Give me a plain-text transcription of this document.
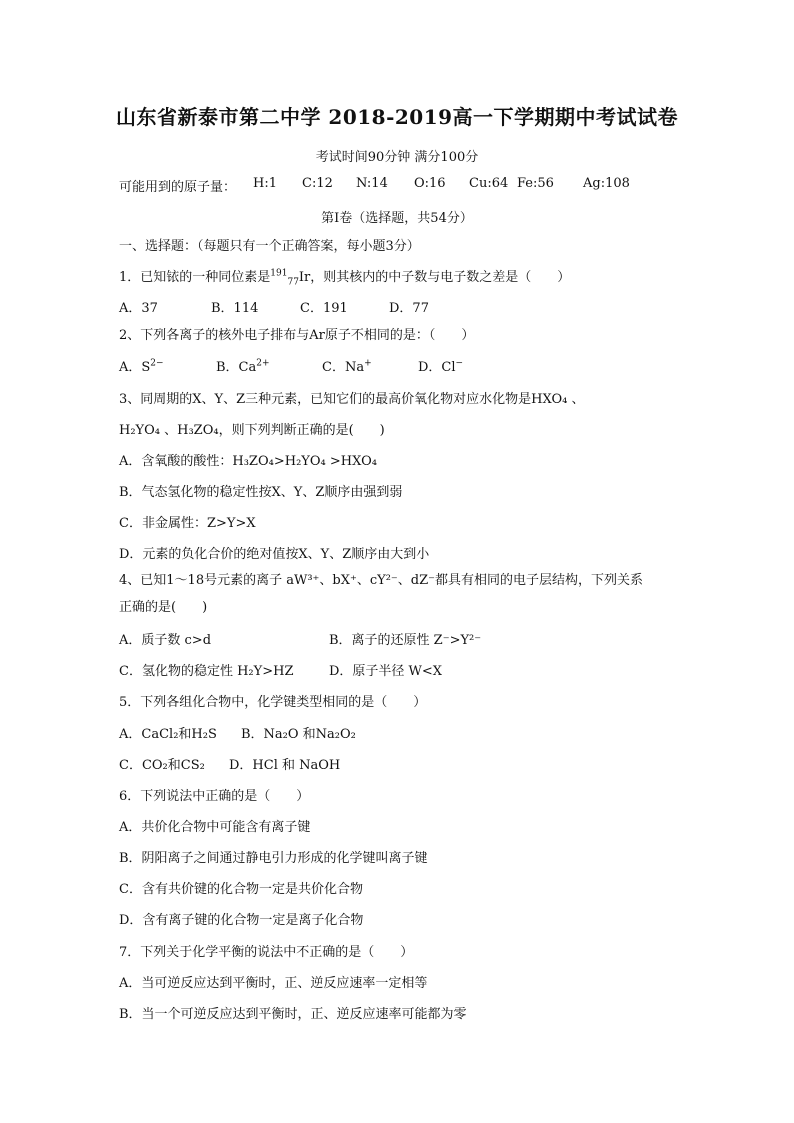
山东省新泰市第二中学 2018-2019高一下学期期中考试试卷
考试时间90分钟 满分100分
可能用到的原子量： H:1 C:12 N:14 O:16 Cu:64 Fe:56 Ag:108
第Ⅰ卷（选择题，共54分）
一、选择题：（每题只有一个正确答案，每小题3分）
1．已知铱的一种同位素是$^{191}_{77}$Ir，则其核内的中子数与电子数之差是（　　）
A．37	B．114	C．191	D．77
2、下列各离子的核外电子排布与Ar原子不相同的是：（　　）
A．$S^{2-}$	B．$Ca^{2+}$	C．Na+	D．Cl−
3、同周期的X、Y、Z三种元素，已知它们的最高价氧化物对应水化物是HXO₄ 、
H₂YO₄ 、H₃ZO₄，则下列判断正确的是(　　)
A．含氧酸的酸性：H₃ZO₄>H₂YO₄ >HXO₄
B．气态氢化物的稳定性按X、Y、Z顺序由强到弱
C．非金属性：Z>Y>X
D．元素的负化合价的绝对值按X、Y、Z顺序由大到小
4、已知1～18号元素的离子 aW³⁺、bX⁺、cY²⁻、dZ⁻都具有相同的电子层结构，下列关系
正确的是(　　)
A．质子数 c>d	B．离子的还原性 Z⁻>Y²⁻
C．氢化物的稳定性 H₂Y>HZ	D．原子半径 W<X
5．下列各组化合物中，化学键类型相同的是（　　）
A．CaCl₂和H₂S B．Na₂O 和Na₂O₂
C．CO₂和CS₂ D．HCl 和 NaOH
6．下列说法中正确的是（　　）
A．共价化合物中可能含有离子键
B．阴阳离子之间通过静电引力形成的化学键叫离子键
C．含有共价键的化合物一定是共价化合物
D．含有离子键的化合物一定是离子化合物
7．下列关于化学平衡的说法中不正确的是（　　）
A．当可逆反应达到平衡时，正、逆反应速率一定相等
B．当一个可逆反应达到平衡时，正、逆反应速率可能都为零
